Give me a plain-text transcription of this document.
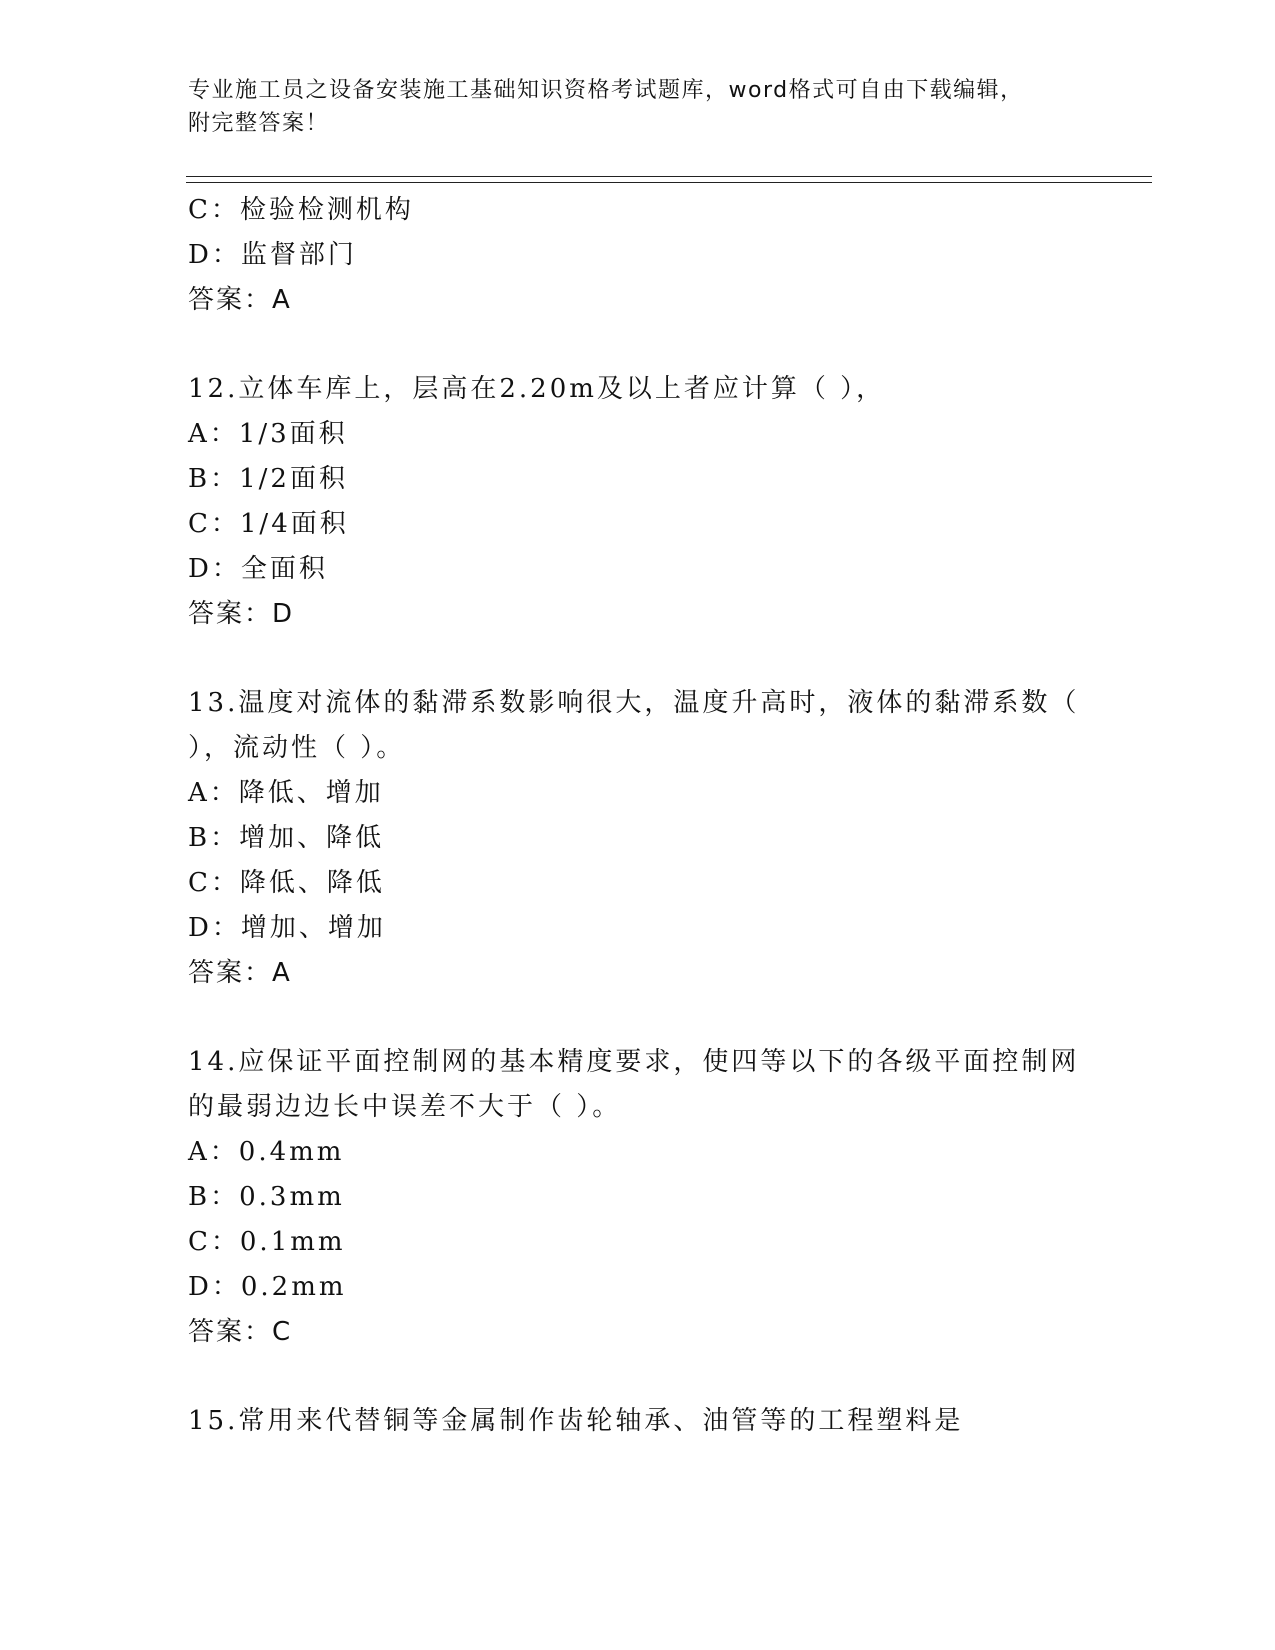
专业施工员之设备安装施工基础知识资格考试题库，word格式可自由下载编辑，
附完整答案！
C：检验检测机构
D：监督部门
答案：A
12.立体车库上，层高在2.20m及以上者应计算（ ），
A：1/3面积
B：1/2面积
C：1/4面积
D：全面积
答案：D
13.温度对流体的黏滞系数影响很大，温度升高时，液体的黏滞系数（
），流动性（ ）。
A：降低、增加
B：增加、降低
C：降低、降低
D：增加、增加
答案：A
14.应保证平面控制网的基本精度要求，使四等以下的各级平面控制网
的最弱边边长中误差不大于（ ）。
A：0.4mm
B：0.3mm
C：0.1mm
D：0.2mm
答案：C
15.常用来代替铜等金属制作齿轮轴承、油管等的工程塑料是
